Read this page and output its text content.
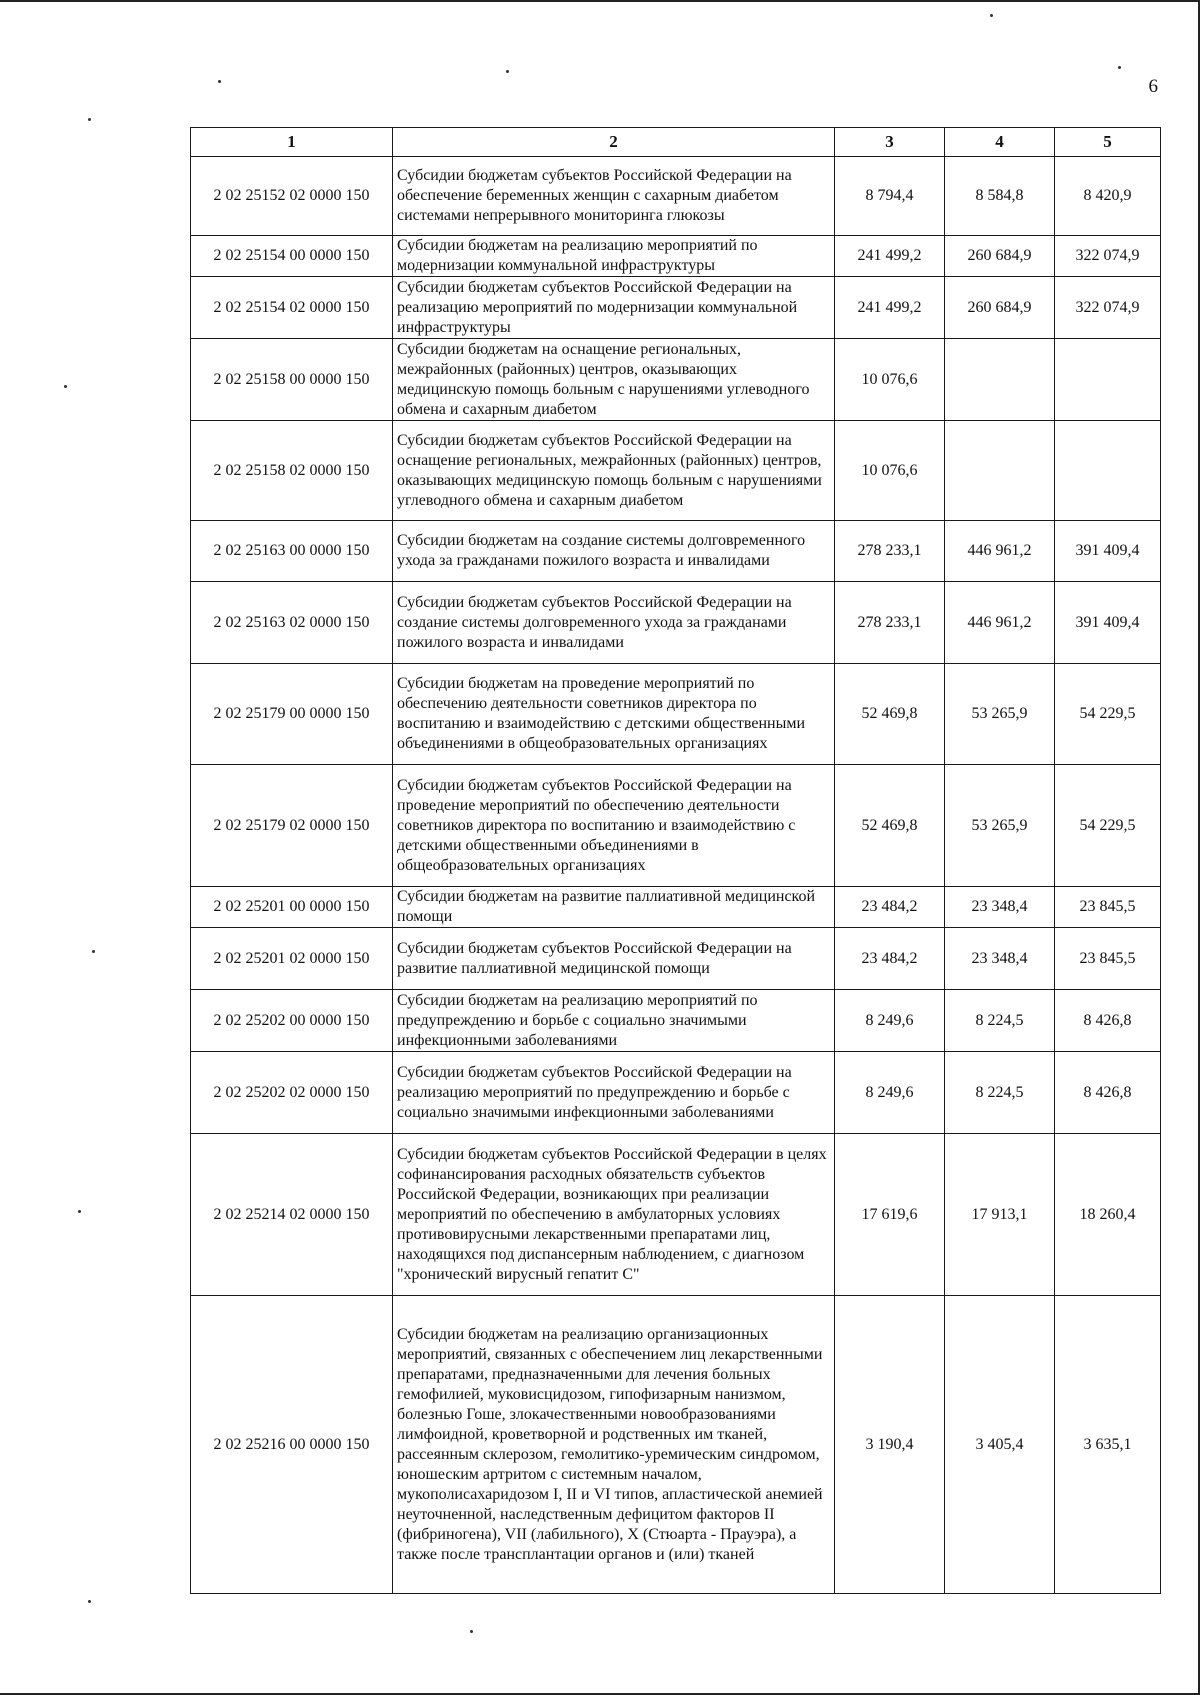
6
1	2	3	4	5
2 02 25152 02 0000 150	Субсидии бюджетам субъектов Российской Федерации на обеспечение беременных женщин с сахарным диабетом системами непрерывного мониторинга глюкозы	8 794,4	8 584,8	8 420,9
2 02 25154 00 0000 150	Субсидии бюджетам на реализацию мероприятий по модернизации коммунальной инфраструктуры	241 499,2	260 684,9	322 074,9
2 02 25154 02 0000 150	Субсидии бюджетам субъектов Российской Федерации на реализацию мероприятий по модернизации коммунальной инфраструктуры	241 499,2	260 684,9	322 074,9
2 02 25158 00 0000 150	Субсидии бюджетам на оснащение региональных, межрайонных (районных) центров, оказывающих медицинскую помощь больным с нарушениями углеводного обмена и сахарным диабетом	10 076,6		
2 02 25158 02 0000 150	Субсидии бюджетам субъектов Российской Федерации на оснащение региональных, межрайонных (районных) центров, оказывающих медицинскую помощь больным с нарушениями углеводного обмена и сахарным диабетом	10 076,6		
2 02 25163 00 0000 150	Субсидии бюджетам на создание системы долговременного ухода за гражданами пожилого возраста и инвалидами	278 233,1	446 961,2	391 409,4
2 02 25163 02 0000 150	Субсидии бюджетам субъектов Российской Федерации на создание системы долговременного ухода за гражданами пожилого возраста и инвалидами	278 233,1	446 961,2	391 409,4
2 02 25179 00 0000 150	Субсидии бюджетам на проведение мероприятий по обеспечению деятельности советников директора по воспитанию и взаимодействию с детскими общественными объединениями в общеобразовательных организациях	52 469,8	53 265,9	54 229,5
2 02 25179 02 0000 150	Субсидии бюджетам субъектов Российской Федерации на проведение мероприятий по обеспечению деятельности советников директора по воспитанию и взаимодействию с детскими общественными объединениями в общеобразовательных организациях	52 469,8	53 265,9	54 229,5
2 02 25201 00 0000 150	Субсидии бюджетам на развитие паллиативной медицинской помощи	23 484,2	23 348,4	23 845,5
2 02 25201 02 0000 150	Субсидии бюджетам субъектов Российской Федерации на развитие паллиативной медицинской помощи	23 484,2	23 348,4	23 845,5
2 02 25202 00 0000 150	Субсидии бюджетам на реализацию мероприятий по предупреждению и борьбе с социально значимыми инфекционными заболеваниями	8 249,6	8 224,5	8 426,8
2 02 25202 02 0000 150	Субсидии бюджетам субъектов Российской Федерации на реализацию мероприятий по предупреждению и борьбе с социально значимыми инфекционными заболеваниями	8 249,6	8 224,5	8 426,8
2 02 25214 02 0000 150	Субсидии бюджетам субъектов Российской Федерации в целях софинансирования расходных обязательств субъектов Российской Федерации, возникающих при реализации мероприятий по обеспечению в амбулаторных условиях противовирусными лекарственными препаратами лиц, находящихся под диспансерным наблюдением, с диагнозом "хронический вирусный гепатит С"	17 619,6	17 913,1	18 260,4
2 02 25216 00 0000 150	Субсидии бюджетам на реализацию организационных мероприятий, связанных с обеспечением лиц лекарственными препаратами, предназначенными для лечения больных гемофилией, муковисцидозом, гипофизарным нанизмом, болезнью Гоше, злокачественными новообразованиями лимфоидной, кроветворной и родственных им тканей, рассеянным склерозом, гемолитико-уремическим синдромом, юношеским артритом с системным началом, мукополисахаридозом I, II и VI типов, апластической анемией неуточненной, наследственным дефицитом факторов II (фибриногена), VII (лабильного), X (Стюарта - Прауэра), а также после трансплантации органов и (или) тканей	3 190,4	3 405,4	3 635,1
